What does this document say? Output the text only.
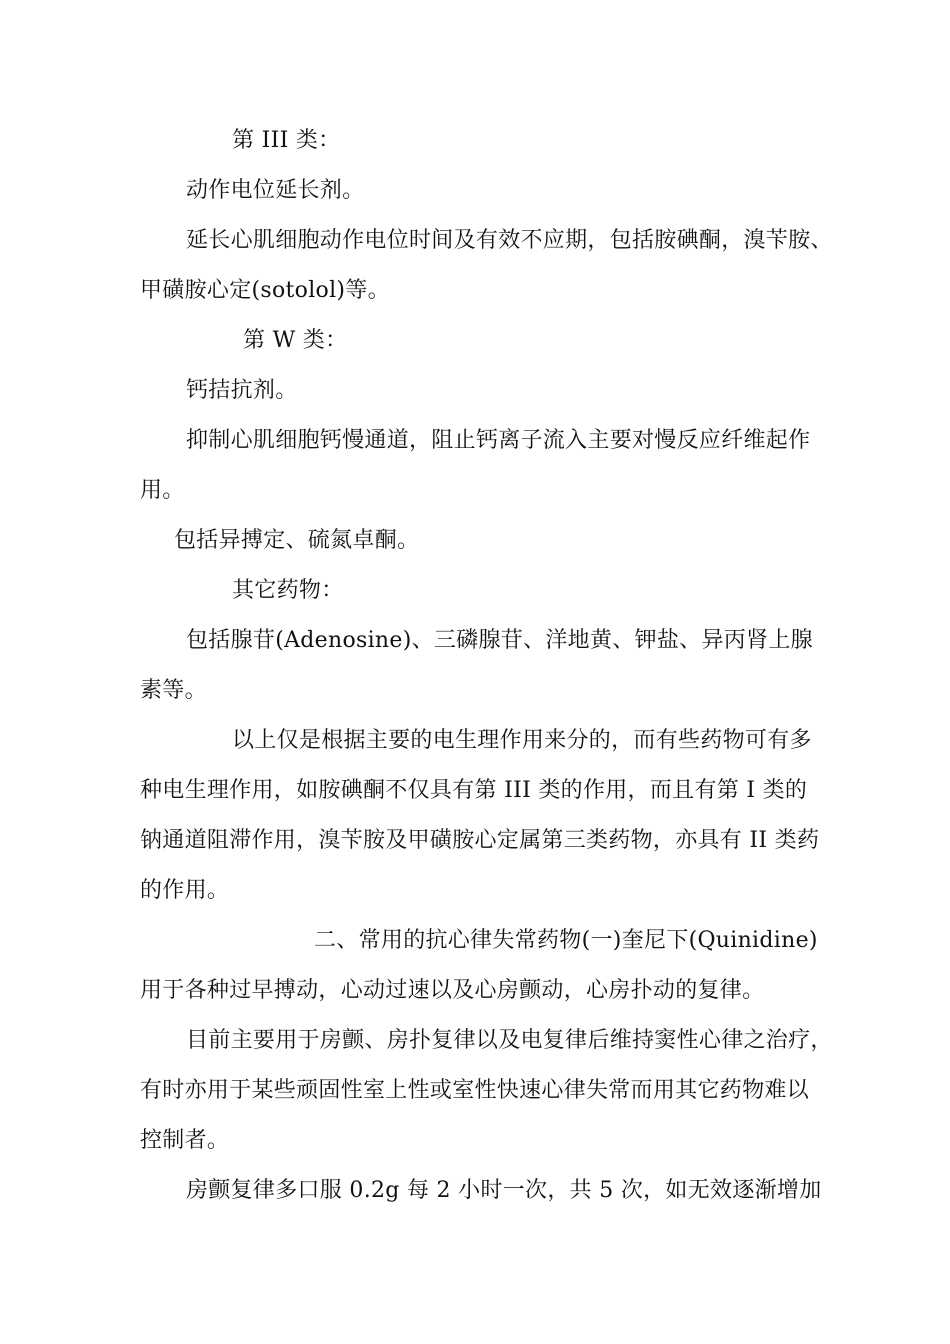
第 III 类：

动作电位延长剂。

延长心肌细胞动作电位时间及有效不应期，包括胺碘酮，溴苄胺、

甲磺胺心定(sotolol)等。

第 W 类：

钙拮抗剂。

抑制心肌细胞钙慢通道，阻止钙离子流入主要对慢反应纤维起作

用。

包括异搏定、硫氮卓酮。

其它药物：

包括腺苷(Adenosine)、三磷腺苷、洋地黄、钾盐、异丙肾上腺

素等。

以上仅是根据主要的电生理作用来分的，而有些药物可有多

种电生理作用，如胺碘酮不仅具有第 III 类的作用，而且有第 I 类的

钠通道阻滞作用，溴苄胺及甲磺胺心定属第三类药物，亦具有 II 类药

的作用。

二、常用的抗心律失常药物(一)奎尼下(Quinidine)

用于各种过早搏动，心动过速以及心房颤动，心房扑动的复律。

目前主要用于房颤、房扑复律以及电复律后维持窦性心律之治疗，

有时亦用于某些顽固性室上性或室性快速心律失常而用其它药物难以

控制者。

房颤复律多口服 0.2g 每 2 小时一次，共 5 次，如无效逐渐增加
